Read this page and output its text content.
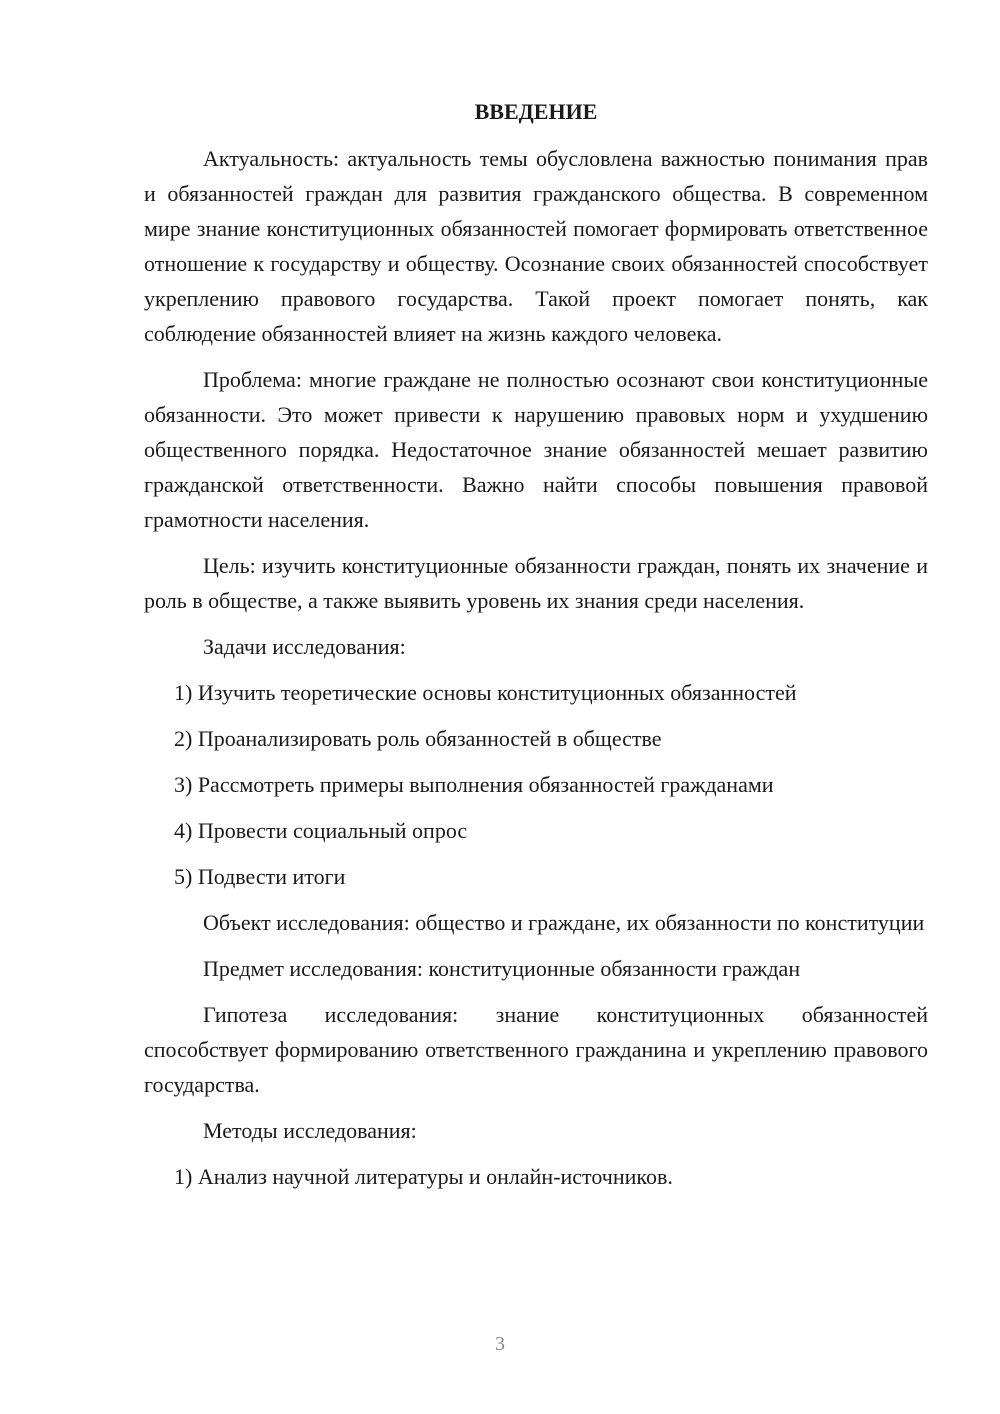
ВВЕДЕНИЕ

Актуальность: актуальность темы обусловлена важностью понимания прав и обязанностей граждан для развития гражданского общества. В современном мире знание конституционных обязанностей помогает формировать ответственное отношение к государству и обществу. Осознание своих обязанностей способствует укреплению правового государства. Такой проект помогает понять, как соблюдение обязанностей влияет на жизнь каждого человека.

Проблема: многие граждане не полностью осознают свои конституционные обязанности. Это может привести к нарушению правовых норм и ухудшению общественного порядка. Недостаточное знание обязанностей мешает развитию гражданской ответственности. Важно найти способы повышения правовой грамотности населения.

Цель: изучить конституционные обязанности граждан, понять их значение и роль в обществе, а также выявить уровень их знания среди населения.

Задачи исследования:

1) Изучить теоретические основы конституционных обязанностей

2) Проанализировать роль обязанностей в обществе

3) Рассмотреть примеры выполнения обязанностей гражданами

4) Провести социальный опрос

5) Подвести итоги

Объект исследования: общество и граждане, их обязанности по конституции

Предмет исследования: конституционные обязанности граждан

Гипотеза исследования: знание конституционных обязанностей способствует формированию ответственного гражданина и укреплению правового государства.

Методы исследования:

1) Анализ научной литературы и онлайн-источников.

3
